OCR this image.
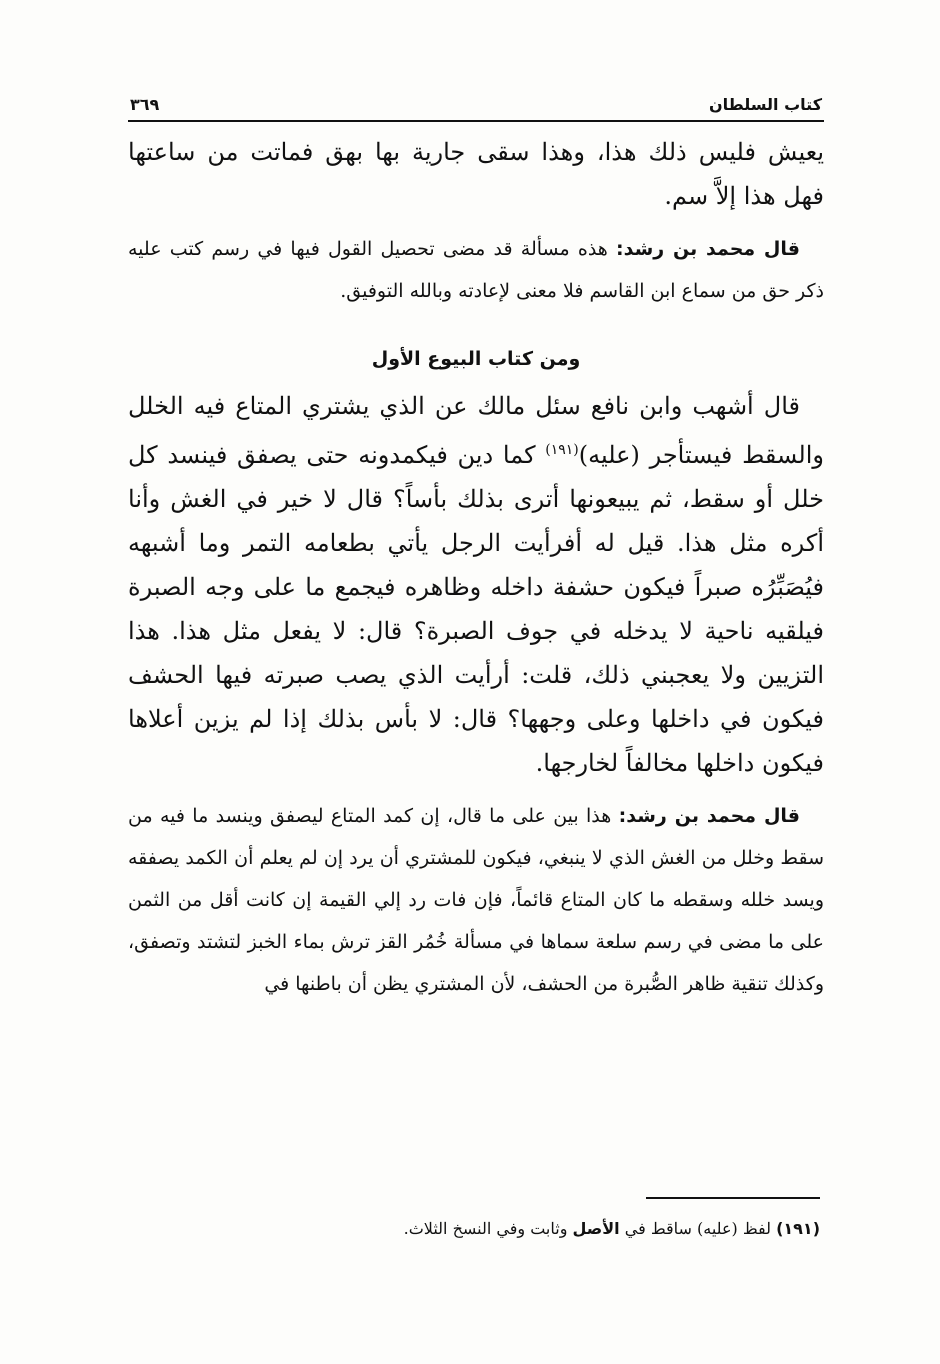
كتاب السلطان
٣٦٩

يعيش فليس ذلك هذا، وهذا سقى جارية بها بهق فماتت من ساعتها فهل هذا إلاَّ سم.

قال محمد بن رشد: هذه مسألة قد مضى تحصيل القول فيها في رسم كتب عليه ذكر حق من سماع ابن القاسم فلا معنى لإعادته وبالله التوفيق.

ومن كتاب البيوع الأول

قال أشهب وابن نافع سئل مالك عن الذي يشتري المتاع فيه الخلل والسقط فيستأجر (عليه)$^{(١٩١)}$ كما دين فيكمدونه حتى يصفق فينسد كل خلل أو سقط، ثم يبيعونها أترى بذلك بأساً؟ قال لا خير في الغش وأنا أكره مثل هذا. قيل له أفرأيت الرجل يأتي بطعامه التمر وما أشبهه فيُصَبِّرُه صبراً فيكون حشفة داخله وظاهره فيجمع ما على وجه الصبرة فيلقيه ناحية لا يدخله في جوف الصبرة؟ قال: لا يفعل مثل هذا. هذا التزيين ولا يعجبني ذلك، قلت: أرأيت الذي يصب صبرته فيها الحشف فيكون في داخلها وعلى وجهها؟ قال: لا بأس بذلك إذا لم يزين أعلاها فيكون داخلها مخالفاً لخارجها.

قال محمد بن رشد: هذا بين على ما قال، إن كمد المتاع ليصفق وينسد ما فيه من سقط وخلل من الغش الذي لا ينبغي، فيكون للمشتري أن يرد إن لم يعلم أن الكمد يصفقه ويسد خلله وسقطه ما كان المتاع قائماً، فإن فات رد إلي القيمة إن كانت أقل من الثمن على ما مضى في رسم سلعة سماها في مسألة خُمُر القز ترش بماء الخبز لتشتد وتصفق، وكذلك تنقية ظاهر الصُّبرة من الحشف، لأن المشتري يظن أن باطنها في

(١٩١) لفظ (عليه) ساقط في الأصل وثابت وفي النسخ الثلاث.
